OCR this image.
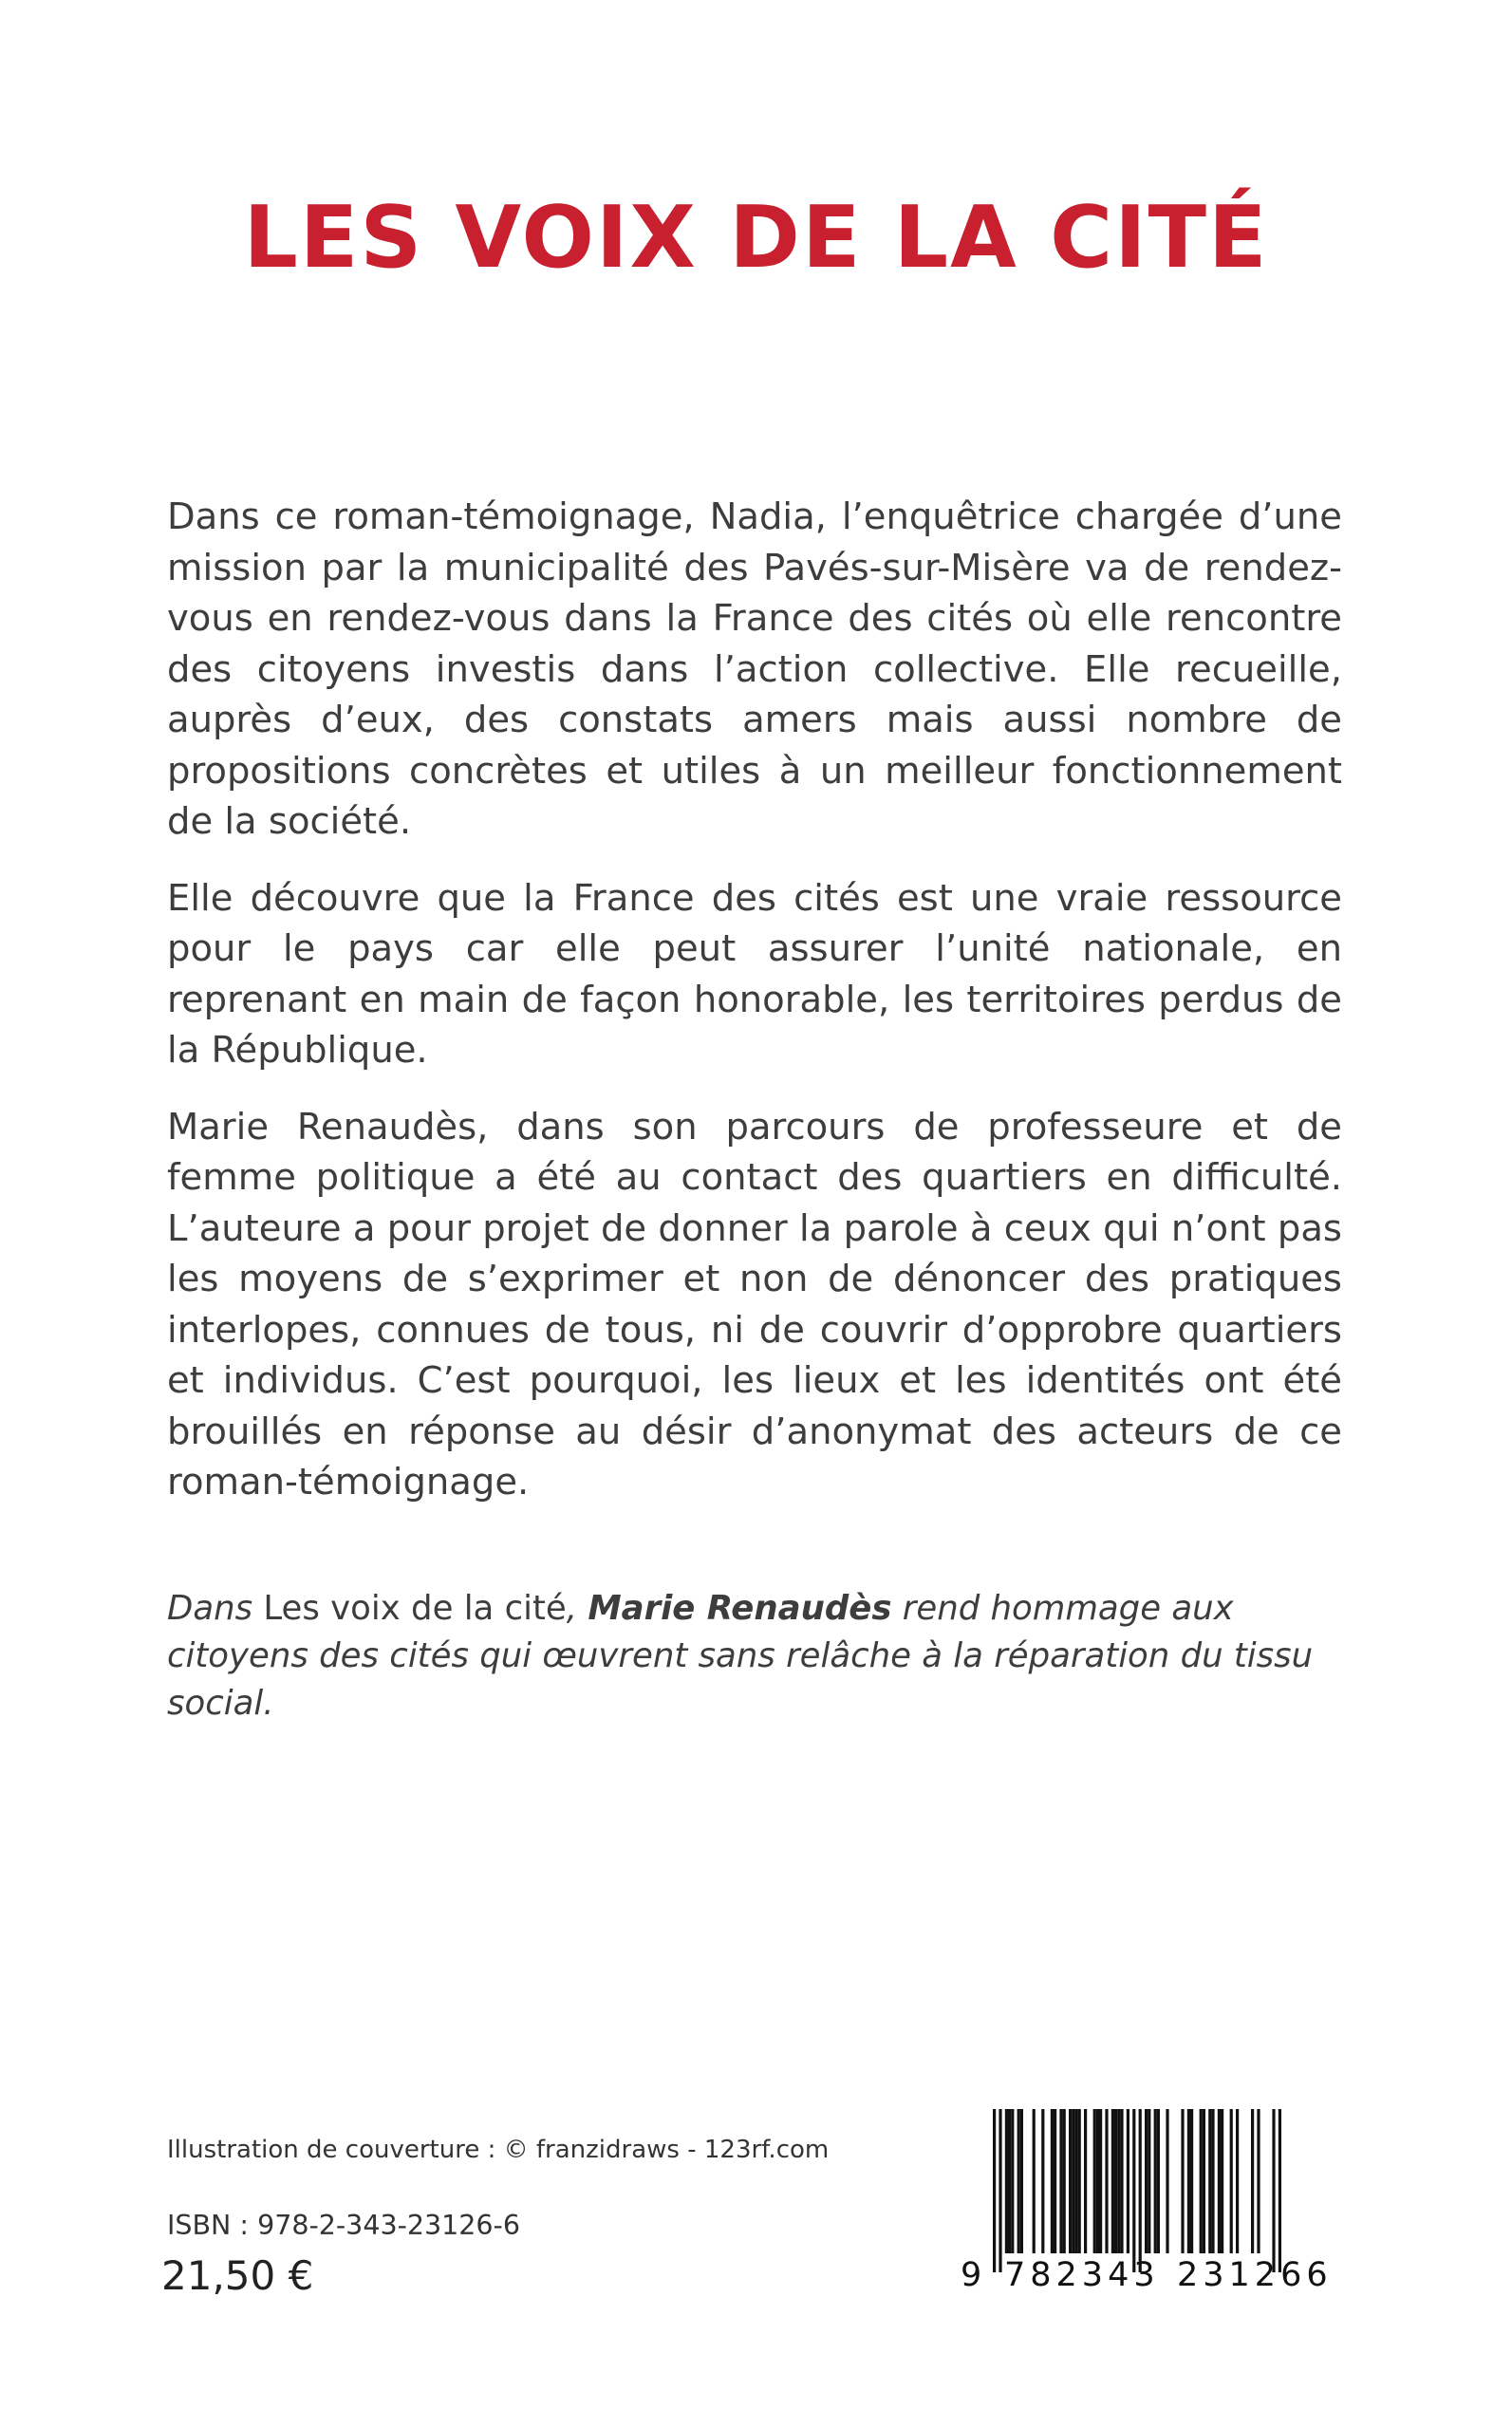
LES VOIX DE LA CITÉ

Dans ce roman-témoignage, Nadia, l’enquêtrice chargée d’une mission par la municipalité des Pavés-sur-Misère va de rendez-vous en rendez-vous dans la France des cités où elle rencontre des citoyens investis dans l’action collective. Elle recueille, auprès d’eux, des constats amers mais aussi nombre de propositions concrètes et utiles à un meilleur fonctionnement de la société.

Elle découvre que la France des cités est une vraie ressource pour le pays car elle peut assurer l’unité nationale, en reprenant en main de façon honorable, les territoires perdus de la République.

Marie Renaudès, dans son parcours de professeure et de femme politique a été au contact des quartiers en difficulté. L’auteure a pour projet de donner la parole à ceux qui n’ont pas les moyens de s’exprimer et non de dénoncer des pratiques interlopes, connues de tous, ni de couvrir d’opprobre quartiers et individus. C’est pourquoi, les lieux et les identités ont été brouillés en réponse au désir d’anonymat des acteurs de ce roman-témoignage.

Dans Les voix de la cité, Marie Renaudès rend hommage aux citoyens des cités qui œuvrent sans relâche à la réparation du tissu social.
Illustration de couverture : © franzidraws - 123rf.com
ISBN : 978-2-343-23126-6
21,50 €	9 782343 231266
